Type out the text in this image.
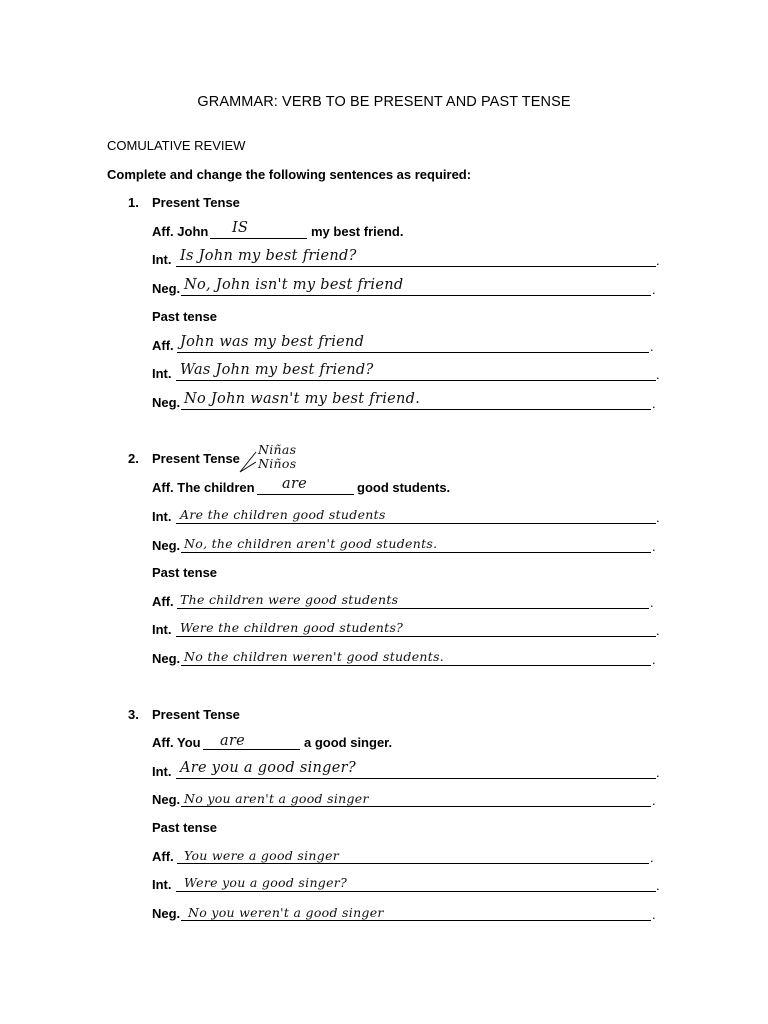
GRAMMAR: VERB TO BE PRESENT AND PAST TENSE
COMULATIVE REVIEW
Complete and change the following sentences as required:
1. Present Tense
Aff. John IS	my best friend.
Int. Is John my best friend?	.
Neg. No, John isn't my best friend	.
Past tense
Aff. John was my best friend	.
Int. Was John my best friend?	.
Neg. No John wasn't my best friend.	.
2. Present Tense
Niñas
Niños
Aff. The children are	good students.
Int. Are the children good students	.
Neg. No, the children aren't good students.	.
Past tense
Aff. The children were good students	.
Int. Were the children good students?	.
Neg. No the children weren't good students.	.
3. Present Tense
Aff. You are	a good singer.
Int. Are you a good singer?	.
Neg. No you aren't a good singer	.
Past tense
Aff. You were a good singer	.
Int. Were you a good singer?	.
Neg. No you weren't a good singer	.
